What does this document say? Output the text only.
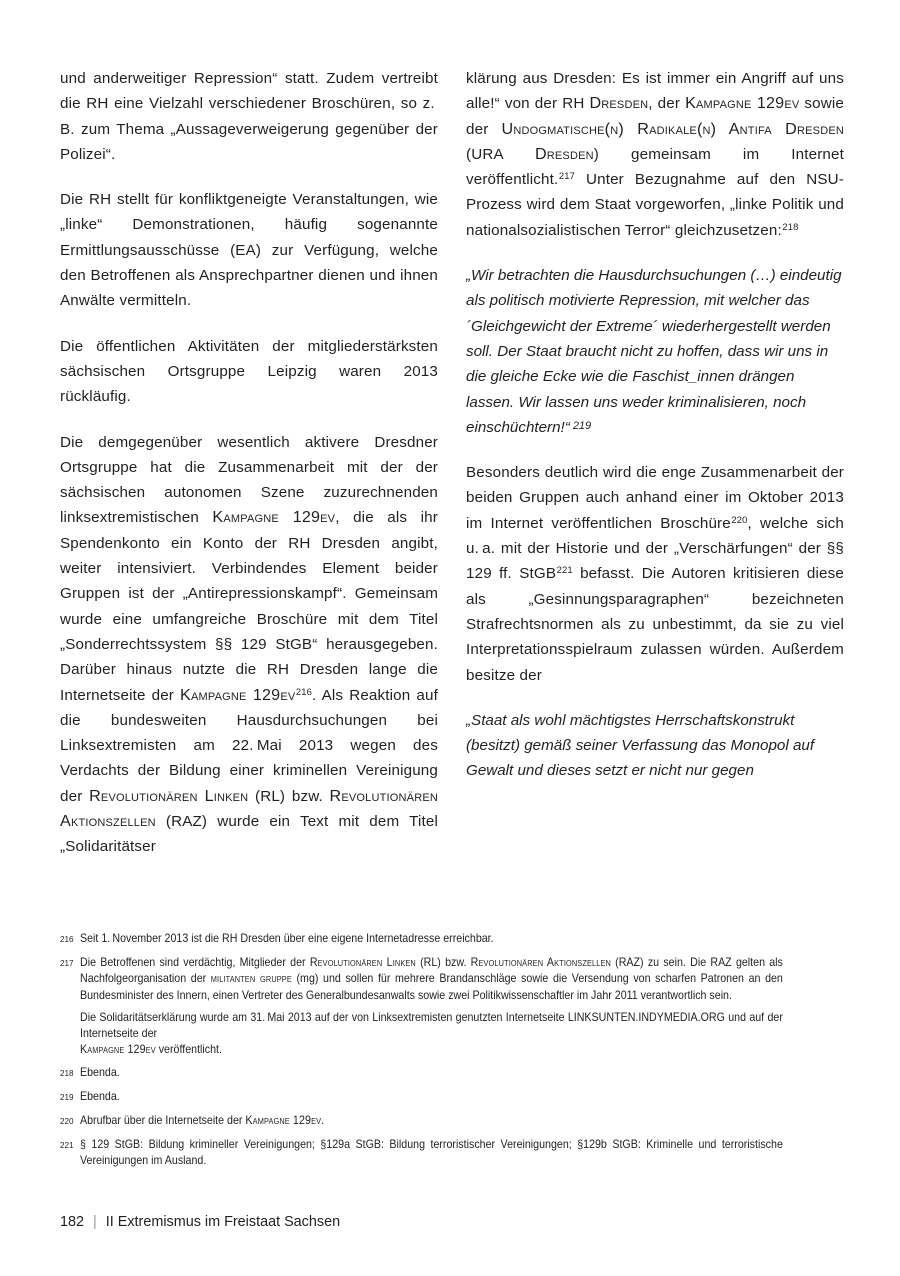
und anderweitiger Repression“ statt. Zudem vertreibt die RH eine Vielzahl verschiedener Broschüren, so z. B. zum Thema „Aussageverweigerung gegenüber der Polizei“.

Die RH stellt für konfliktgeneigte Veranstaltungen, wie „linke“ Demonstrationen, häufig sogenannte Ermittlungsausschüsse (EA) zur Verfügung, welche den Betroffenen als Ansprechpartner dienen und ihnen Anwälte vermitteln.

Die öffentlichen Aktivitäten der mitgliederstärksten sächsischen Ortsgruppe Leipzig waren 2013 rückläufig.

Die demgegenüber wesentlich aktivere Dresdner Ortsgruppe hat die Zusammenarbeit mit der der sächsischen autonomen Szene zuzurechnenden linksextremistischen Kampagne 129ev, die als ihr Spendenkonto ein Konto der RH Dresden angibt, weiter intensiviert. Verbindendes Element beider Gruppen ist der „Antirepressionskampf“. Gemeinsam wurde eine umfangreiche Broschüre mit dem Titel „Sonderrechtssystem §§ 129 StGB“ herausgegeben. Darüber hinaus nutzte die RH Dresden lange die Internetseite der Kampagne 129ev$^{216}$. Als Reaktion auf die bundesweiten Hausdurchsuchungen bei Linksextremisten am 22. Mai 2013 wegen des Verdachts der Bildung einer kriminellen Vereinigung der Revolutionären Linken (RL) bzw. Revolutionären Aktionszellen (RAZ) wurde ein Text mit dem Titel „Solidaritätser

klärung aus Dresden: Es ist immer ein Angriff auf uns alle!“ von der RH Dresden, der Kampagne 129ev sowie der Undogmatische(n) Radikale(n) Antifa Dresden (URA Dresden) gemeinsam im Internet veröffentlicht.$^{217}$ Unter Bezugnahme auf den NSU-Prozess wird dem Staat vorgeworfen, „linke Politik und nationalsozialistischen Terror“ gleichzusetzen:$^{218}$

„Wir betrachten die Hausdurchsuchungen (…) eindeutig als politisch motivierte Repression, mit welcher das ´Gleichgewicht der Extreme´ wiederhergestellt werden soll. Der Staat braucht nicht zu hoffen, dass wir uns in die gleiche Ecke wie die Faschist_innen drängen lassen. Wir lassen uns weder kriminalisieren, noch einschüchtern!“ $^{219}$

Besonders deutlich wird die enge Zusammenarbeit der beiden Gruppen auch anhand einer im Oktober 2013 im Internet veröffentlichen Broschüre$^{220}$, welche sich u. a. mit der Historie und der „Verschärfungen“ der §§ 129 ff. StGB$^{221}$ befasst. Die Autoren kritisieren diese als „Gesinnungsparagraphen“ bezeichneten Strafrechtsnormen als zu unbestimmt, da sie zu viel Interpretationsspielraum zulassen würden. Außerdem besitze der

„Staat als wohl mächtigstes Herrschaftskonstrukt (besitzt) gemäß seiner Verfassung das Monopol auf Gewalt und dieses setzt er nicht nur gegen

216 Seit 1. November 2013 ist die RH Dresden über eine eigene Internetadresse erreichbar.
217 Die Betroffenen sind verdächtig, Mitglieder der Revolutionären Linken (RL) bzw. Revolutionären Aktionszellen (RAZ) zu sein. Die RAZ gelten als Nachfolgeorganisation der militanten gruppe (mg) und sollen für mehrere Brandanschläge sowie die Versendung von scharfen Patronen an den Bundesminister des Innern, einen Vertreter des Generalbundesanwalts sowie zwei Politikwissenschaftler im Jahr 2011 verantwortlich sein.
Die Solidaritätserklärung wurde am 31. Mai 2013 auf der von Linksextremisten genutzten Internetseite LINKSUNTEN.INDYMEDIA.ORG und auf der Internetseite der
Kampagne 129ev veröffentlicht.
218 Ebenda.
219 Ebenda.
220 Abrufbar über die Internetseite der Kampagne 129ev.
221 § 129 StGB: Bildung krimineller Vereinigungen; §129a StGB: Bildung terroristischer Vereinigungen; §129b StGB: Kriminelle und terroristische Vereinigungen im Ausland.
182 | II Extremismus im Freistaat Sachsen
